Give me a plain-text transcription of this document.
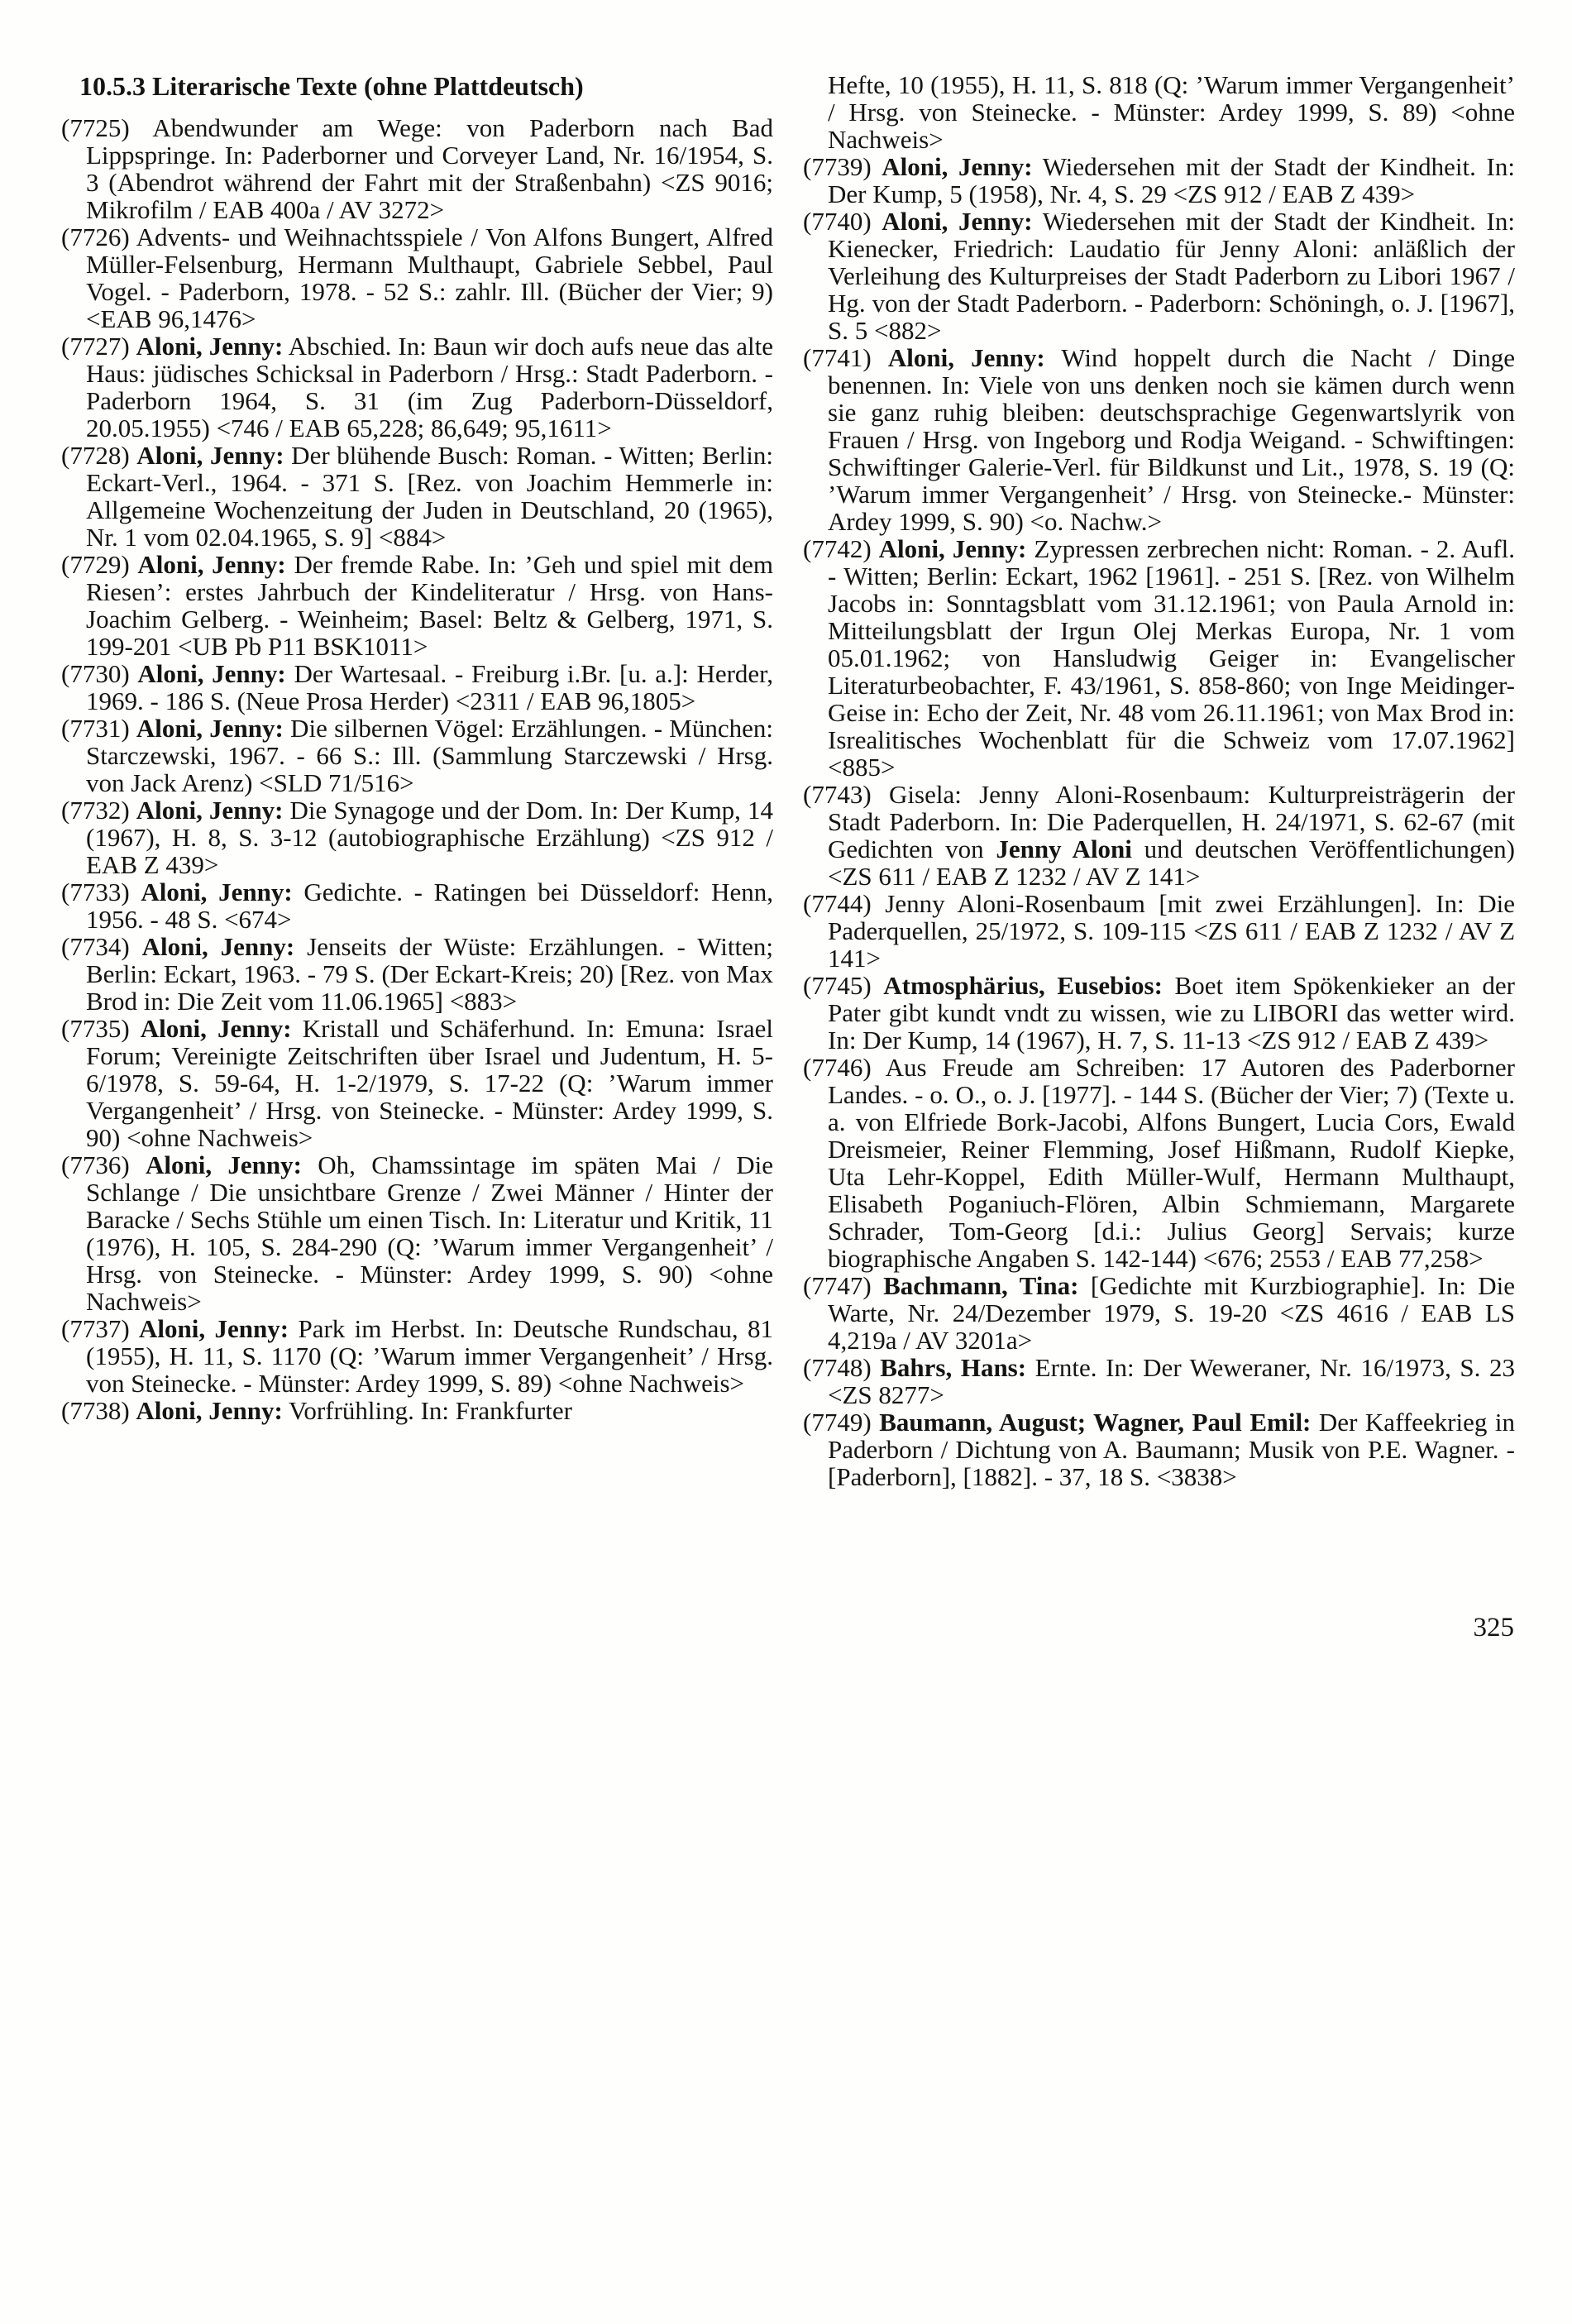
10.5.3 Literarische Texte (ohne Plattdeutsch)

(7725) Abendwunder am Wege: von Paderborn nach Bad Lippspringe. In: Paderborner und Corveyer Land, Nr. 16/1954, S. 3 (Abendrot während der Fahrt mit der Straßenbahn) <ZS 9016; Mikrofilm / EAB 400a / AV 3272>

(7726) Advents- und Weihnachtsspiele / Von Alfons Bungert, Alfred Müller-Felsenburg, Hermann Multhaupt, Gabriele Sebbel, Paul Vogel. - Paderborn, 1978. - 52 S.: zahlr. Ill. (Bücher der Vier; 9) <EAB 96,1476>

(7727) Aloni, Jenny: Abschied. In: Baun wir doch aufs neue das alte Haus: jüdisches Schicksal in Paderborn / Hrsg.: Stadt Paderborn. - Paderborn 1964, S. 31 (im Zug Paderborn-Düsseldorf, 20.05.1955) <746 / EAB 65,228; 86,649; 95,1611>

(7728) Aloni, Jenny: Der blühende Busch: Roman. - Witten; Berlin: Eckart-Verl., 1964. - 371 S. [Rez. von Joachim Hemmerle in: Allgemeine Wochenzeitung der Juden in Deutschland, 20 (1965), Nr. 1 vom 02.04.1965, S. 9] <884>

(7729) Aloni, Jenny: Der fremde Rabe. In: ’Geh und spiel mit dem Riesen’: erstes Jahrbuch der Kindeliteratur / Hrsg. von Hans-Joachim Gelberg. - Weinheim; Basel: Beltz & Gelberg, 1971, S. 199-201 <UB Pb P11 BSK1011>

(7730) Aloni, Jenny: Der Wartesaal. - Freiburg i.Br. [u. a.]: Herder, 1969. - 186 S. (Neue Prosa Herder) <2311 / EAB 96,1805>

(7731) Aloni, Jenny: Die silbernen Vögel: Erzählungen. - München: Starczewski, 1967. - 66 S.: Ill. (Sammlung Starczewski / Hrsg. von Jack Arenz) <SLD 71/516>

(7732) Aloni, Jenny: Die Synagoge und der Dom. In: Der Kump, 14 (1967), H. 8, S. 3-12 (autobiographische Erzählung) <ZS 912 / EAB Z 439>

(7733) Aloni, Jenny: Gedichte. - Ratingen bei Düsseldorf: Henn, 1956. - 48 S. <674>

(7734) Aloni, Jenny: Jenseits der Wüste: Erzählungen. - Witten; Berlin: Eckart, 1963. - 79 S. (Der Eckart-Kreis; 20) [Rez. von Max Brod in: Die Zeit vom 11.06.1965] <883>

(7735) Aloni, Jenny: Kristall und Schäferhund. In: Emuna: Israel Forum; Vereinigte Zeitschriften über Israel und Judentum, H. 5-6/1978, S. 59-64, H. 1-2/1979, S. 17-22 (Q: ’Warum immer Vergangenheit’ / Hrsg. von Steinecke. - Münster: Ardey 1999, S. 90) <ohne Nachweis>

(7736) Aloni, Jenny: Oh, Chamssintage im späten Mai / Die Schlange / Die unsichtbare Grenze / Zwei Männer / Hinter der Baracke / Sechs Stühle um einen Tisch. In: Literatur und Kritik, 11 (1976), H. 105, S. 284-290 (Q: ’Warum immer Vergangenheit’ / Hrsg. von Steinecke. - Münster: Ardey 1999, S. 90) <ohne Nachweis>

(7737) Aloni, Jenny: Park im Herbst. In: Deutsche Rundschau, 81 (1955), H. 11, S. 1170 (Q: ’Warum immer Vergangenheit’ / Hrsg. von Steinecke. - Münster: Ardey 1999, S. 89) <ohne Nachweis>

(7738) Aloni, Jenny: Vorfrühling. In: Frankfurter

Hefte, 10 (1955), H. 11, S. 818 (Q: ’Warum immer Vergangenheit’ / Hrsg. von Steinecke. - Münster: Ardey 1999, S. 89) <ohne Nachweis>

(7739) Aloni, Jenny: Wiedersehen mit der Stadt der Kindheit. In: Der Kump, 5 (1958), Nr. 4, S. 29 <ZS 912 / EAB Z 439>

(7740) Aloni, Jenny: Wiedersehen mit der Stadt der Kindheit. In: Kienecker, Friedrich: Laudatio für Jenny Aloni: anläßlich der Verleihung des Kulturpreises der Stadt Paderborn zu Libori 1967 / Hg. von der Stadt Paderborn. - Paderborn: Schöningh, o. J. [1967], S. 5 <882>

(7741) Aloni, Jenny: Wind hoppelt durch die Nacht / Dinge benennen. In: Viele von uns denken noch sie kämen durch wenn sie ganz ruhig bleiben: deutschsprachige Gegenwartslyrik von Frauen / Hrsg. von Ingeborg und Rodja Weigand. - Schwiftingen: Schwiftinger Galerie-Verl. für Bildkunst und Lit., 1978, S. 19 (Q: ’Warum immer Vergangenheit’ / Hrsg. von Steinecke.- Münster: Ardey 1999, S. 90) <o. Nachw.>

(7742) Aloni, Jenny: Zypressen zerbrechen nicht: Roman. - 2. Aufl. - Witten; Berlin: Eckart, 1962 [1961]. - 251 S. [Rez. von Wilhelm Jacobs in: Sonntagsblatt vom 31.12.1961; von Paula Arnold in: Mitteilungsblatt der Irgun Olej Merkas Europa, Nr. 1 vom 05.01.1962; von Hansludwig Geiger in: Evangelischer Literaturbeobachter, F. 43/1961, S. 858-860; von Inge Meidinger-Geise in: Echo der Zeit, Nr. 48 vom 26.11.1961; von Max Brod in: Isrealitisches Wochenblatt für die Schweiz vom 17.07.1962] <885>

(7743) Gisela: Jenny Aloni-Rosenbaum: Kulturpreisträgerin der Stadt Paderborn. In: Die Paderquellen, H. 24/1971, S. 62-67 (mit Gedichten von Jenny Aloni und deutschen Veröffentlichungen) <ZS 611 / EAB Z 1232 / AV Z 141>

(7744) Jenny Aloni-Rosenbaum [mit zwei Erzählungen]. In: Die Paderquellen, 25/1972, S. 109-115 <ZS 611 / EAB Z 1232 / AV Z 141>

(7745) Atmosphärius, Eusebios: Boet item Spökenkieker an der Pater gibt kundt vndt zu wissen, wie zu LIBORI das wetter wird. In: Der Kump, 14 (1967), H. 7, S. 11-13 <ZS 912 / EAB Z 439>

(7746) Aus Freude am Schreiben: 17 Autoren des Paderborner Landes. - o. O., o. J. [1977]. - 144 S. (Bücher der Vier; 7) (Texte u. a. von Elfriede Bork-Jacobi, Alfons Bungert, Lucia Cors, Ewald Dreismeier, Reiner Flemming, Josef Hißmann, Rudolf Kiepke, Uta Lehr-Koppel, Edith Müller-Wulf, Hermann Multhaupt, Elisabeth Poganiuch-Flören, Albin Schmiemann, Margarete Schrader, Tom-Georg [d.i.: Julius Georg] Servais; kurze biographische Angaben S. 142-144) <676; 2553 / EAB 77,258>

(7747) Bachmann, Tina: [Gedichte mit Kurzbiographie]. In: Die Warte, Nr. 24/Dezember 1979, S. 19-20 <ZS 4616 / EAB LS 4,219a / AV 3201a>

(7748) Bahrs, Hans: Ernte. In: Der Weweraner, Nr. 16/1973, S. 23 <ZS 8277>

(7749) Baumann, August; Wagner, Paul Emil: Der Kaffeekrieg in Paderborn / Dichtung von A. Baumann; Musik von P.E. Wagner. - [Paderborn], [1882]. - 37, 18 S. <3838>

325
